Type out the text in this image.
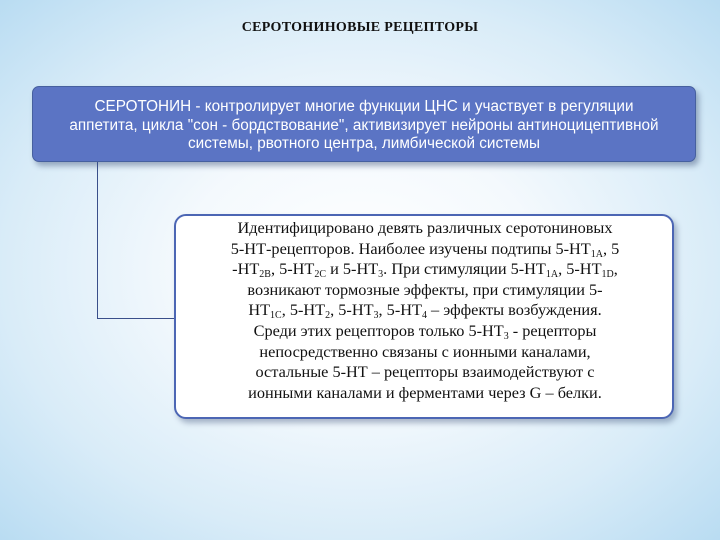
СЕРОТОНИНОВЫЕ РЕЦЕПТОРЫ
СЕРОТОНИН - контролирует многие функции ЦНС и участвует в регуляции
аппетита, цикла "сон - бордствование", активизирует нейроны антиноцицептивной
системы, рвотного центра, лимбической системы
Идентифицировано девять различных серотониновых
5-НТ-рецепторов. Наиболее изучены подтипы $5-НТ_{1А}$, 5
$-НТ_{2В}$, $5-НТ_{2С}$ и $5-НТ_3$. При стимуляции $5-НТ_{1А}$, $5-НТ_{1D}$,
возникают тормозные эффекты, при стимуляции 5-
$НТ_{1С}$, $5-НТ_2$, $5-НТ_3$, $5-НТ_4$ – эффекты возбуждения.
Среди этих рецепторов только $5-НТ_3$ - рецепторы
непосредственно связаны с ионными каналами,
остальные 5-НТ – рецепторы взаимодействуют с
ионными каналами и ферментами через G – белки.
